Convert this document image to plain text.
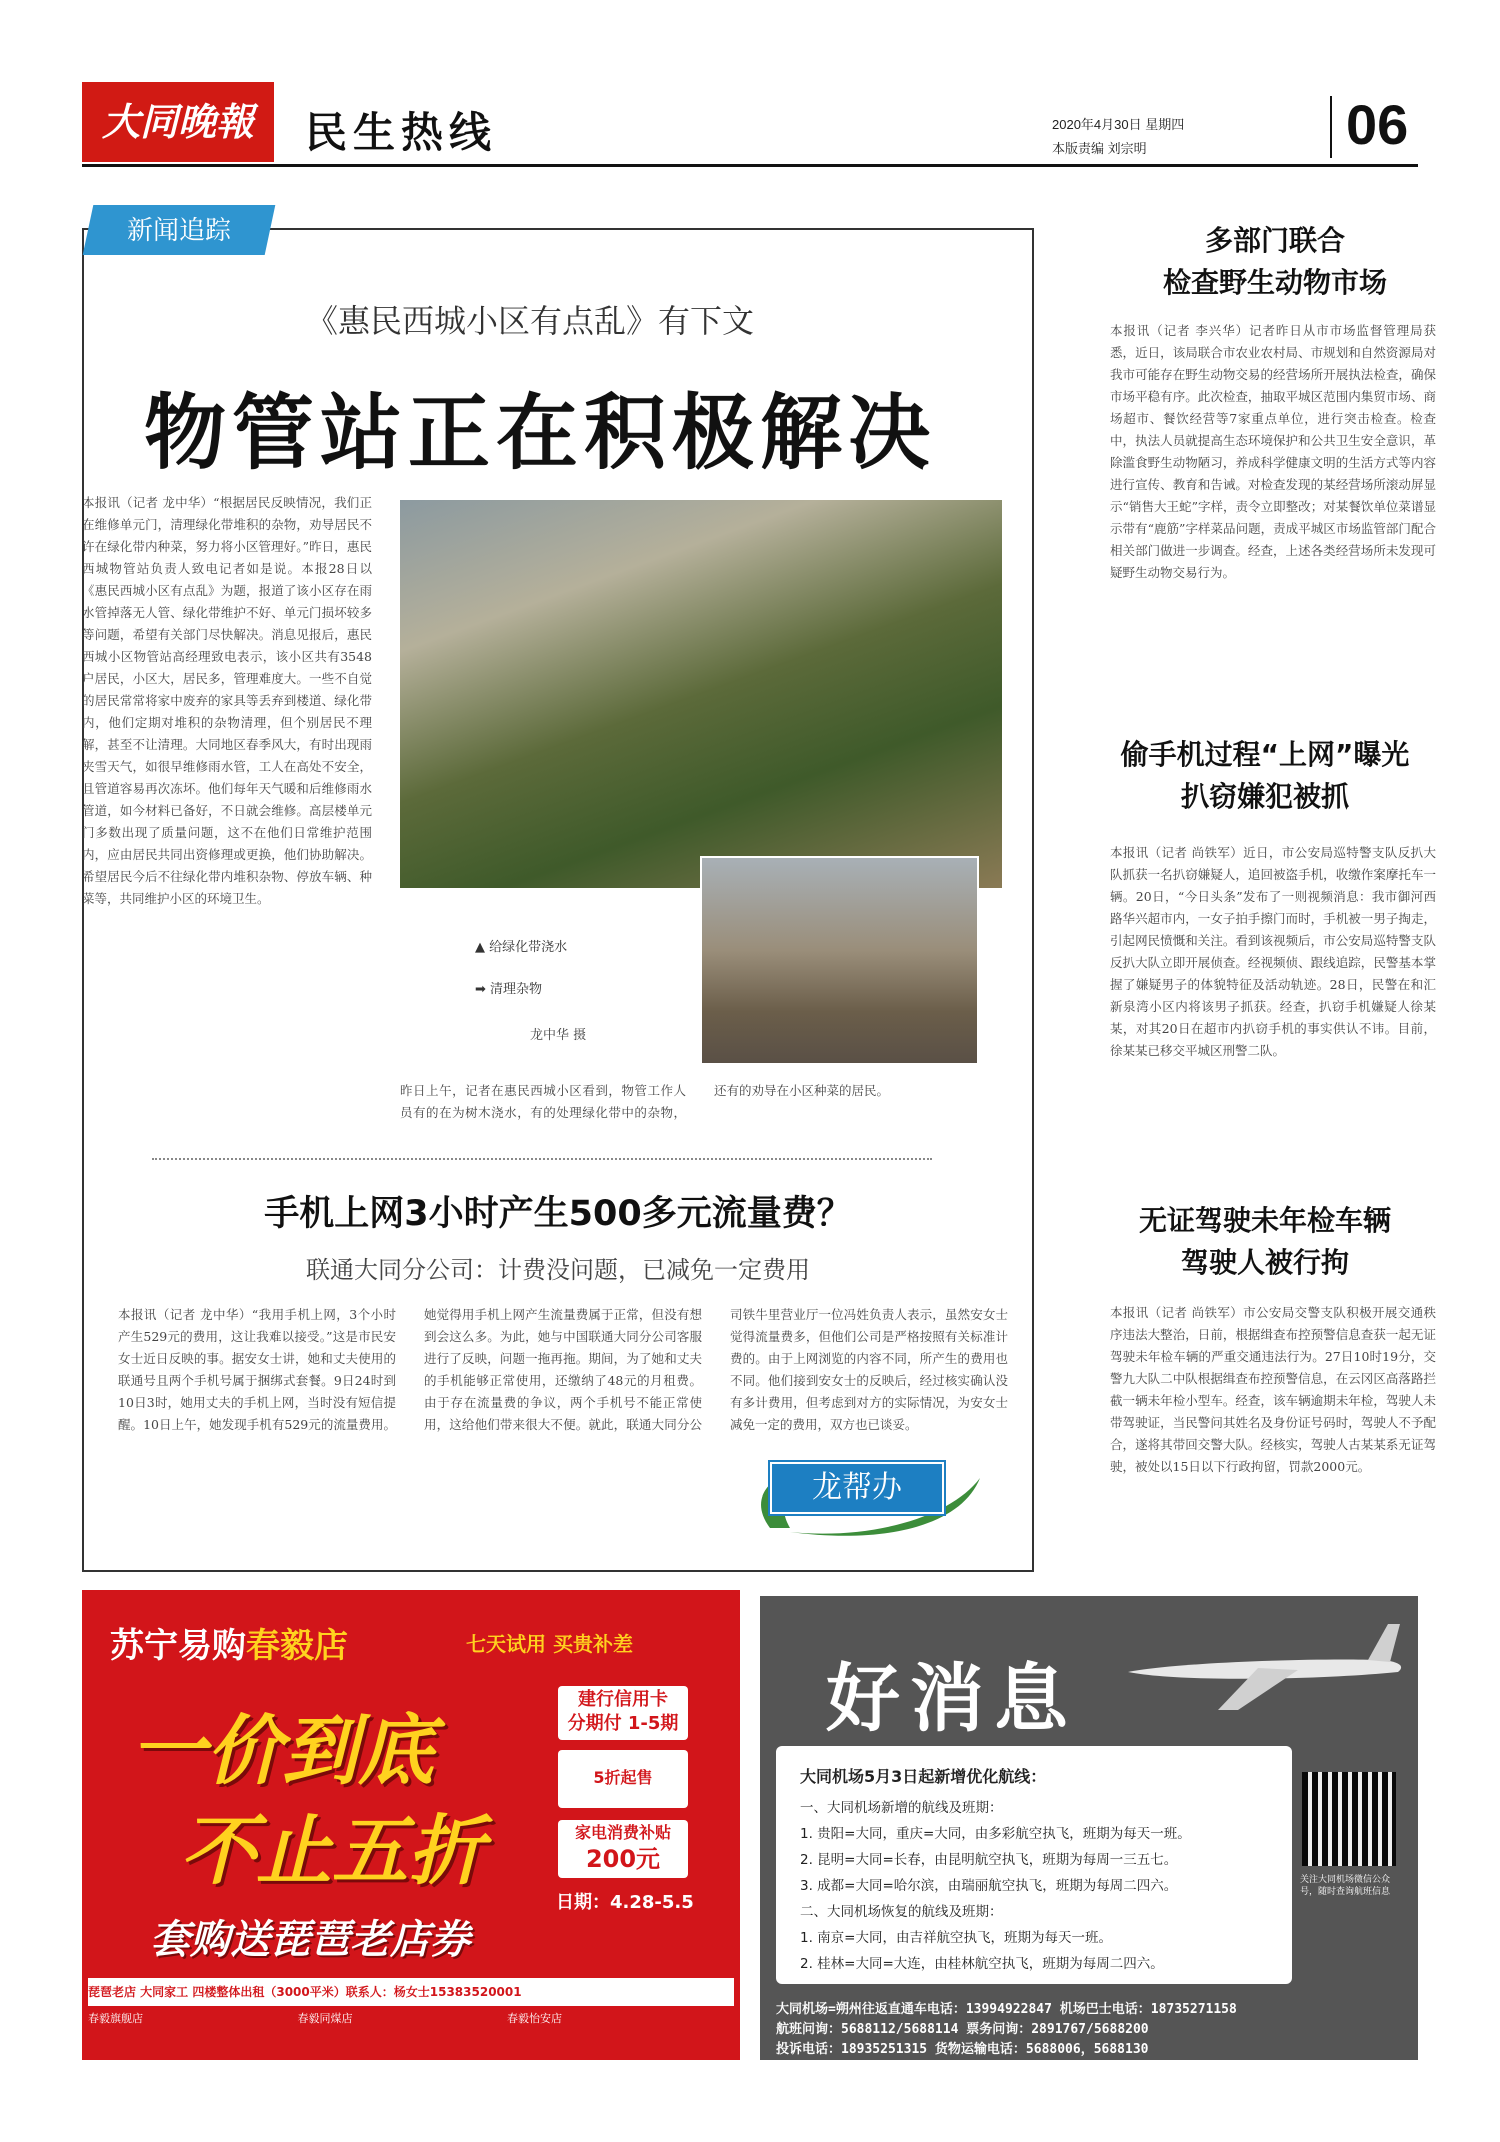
大同晚報	民生热线	2020年4月30日 星期四
本版责编 刘宗明	06
新闻追踪
《惠民西城小区有点乱》有下文
物管站正在积极解决
本报讯（记者 龙中华）“根据居民反映情况，我们正在维修单元门，清理绿化带堆积的杂物，劝导居民不许在绿化带内种菜，努力将小区管理好。”昨日，惠民西城物管站负责人致电记者如是说。本报28日以《惠民西城小区有点乱》为题，报道了该小区存在雨水管掉落无人管、绿化带维护不好、单元门损坏较多等问题，希望有关部门尽快解决。消息见报后，惠民西城小区物管站高经理致电表示，该小区共有3548户居民，小区大，居民多，管理难度大。一些不自觉的居民常常将家中废弃的家具等丢弃到楼道、绿化带内，他们定期对堆积的杂物清理，但个别居民不理解，甚至不让清理。大同地区春季风大，有时出现雨夹雪天气，如很早维修雨水管，工人在高处不安全，且管道容易再次冻坏。他们每年天气暖和后维修雨水管道，如今材料已备好，不日就会维修。高层楼单元门多数出现了质量问题，这不在他们日常维护范围内，应由居民共同出资修理或更换，他们协助解决。希望居民今后不往绿化带内堆积杂物、停放车辆、种菜等，共同维护小区的环境卫生。
▲ 给绿化带浇水
➡ 清理杂物
龙中华 摄
昨日上午，记者在惠民西城小区看到，物管工作人员有的在为树木浇水，有的处理绿化带中的杂物，还有的劝导在小区种菜的居民。
手机上网3小时产生500多元流量费？
联通大同分公司：计费没问题，已减免一定费用
本报讯（记者 龙中华）“我用手机上网，3个小时产生529元的费用，这让我难以接受。”这是市民安女士近日反映的事。据安女士讲，她和丈夫使用的联通号且两个手机号属于捆绑式套餐。9日24时到10日3时，她用丈夫的手机上网，当时没有短信提醒。10日上午，她发现手机有529元的流量费用。她觉得用手机上网产生流量费属于正常，但没有想到会这么多。为此，她与中国联通大同分公司客服进行了反映，问题一拖再拖。期间，为了她和丈夫的手机能够正常使用，还缴纳了48元的月租费。由于存在流量费的争议，两个手机号不能正常使用，这给他们带来很大不便。就此，联通大同分公司铁牛里营业厅一位冯姓负责人表示，虽然安女士觉得流量费多，但他们公司是严格按照有关标准计费的。由于上网浏览的内容不同，所产生的费用也不同。他们接到安女士的反映后，经过核实确认没有多计费用，但考虑到对方的实际情况，为安女士减免一定的费用，双方也已谈妥。
龙帮办
多部门联合
检查野生动物市场
本报讯（记者 李兴华）记者昨日从市市场监督管理局获悉，近日，该局联合市农业农村局、市规划和自然资源局对我市可能存在野生动物交易的经营场所开展执法检查，确保市场平稳有序。此次检查，抽取平城区范围内集贸市场、商场超市、餐饮经营等7家重点单位，进行突击检查。检查中，执法人员就提高生态环境保护和公共卫生安全意识，革除滥食野生动物陋习，养成科学健康文明的生活方式等内容进行宣传、教育和告诫。对检查发现的某经营场所滚动屏显示“销售大王蛇”字样，责令立即整改；对某餐饮单位菜谱显示带有“鹿筋”字样菜品问题，责成平城区市场监管部门配合相关部门做进一步调查。经查，上述各类经营场所未发现可疑野生动物交易行为。
偷手机过程“上网”曝光
扒窃嫌犯被抓
本报讯（记者 尚铁军）近日，市公安局巡特警支队反扒大队抓获一名扒窃嫌疑人，追回被盗手机，收缴作案摩托车一辆。20日，“今日头条”发布了一则视频消息：我市御河西路华兴超市内，一女子拍手擦门而时，手机被一男子掏走，引起网民愤慨和关注。看到该视频后，市公安局巡特警支队反扒大队立即开展侦查。经视频侦、跟线追踪，民警基本掌握了嫌疑男子的体貌特征及活动轨迹。28日，民警在和汇新泉湾小区内将该男子抓获。经查，扒窃手机嫌疑人徐某某，对其20日在超市内扒窃手机的事实供认不讳。目前，徐某某已移交平城区刑警二队。
无证驾驶未年检车辆
驾驶人被行拘
本报讯（记者 尚铁军）市公安局交警支队积极开展交通秩序违法大整治，日前，根据缉查布控预警信息查获一起无证驾驶未年检车辆的严重交通违法行为。27日10时19分，交警九大队二中队根据缉查布控预警信息，在云冈区高落路拦截一辆未年检小型车。经查，该车辆逾期未年检，驾驶人未带驾驶证，当民警问其姓名及身份证号码时，驾驶人不予配合，遂将其带回交警大队。经核实，驾驶人古某某系无证驾驶，被处以15日以下行政拘留，罚款2000元。
苏宁易购春毅店	七天试用 买贵补差
一价到底
不止五折
套购送琵琶老店券
建行信用卡
分期付 1-5期
5折起售
家电消费补贴
200元
日期：4.28-5.5
琵琶老店 大同家工 四楼整体出租（3000平米）联系人：杨女士15383520001
春毅旗舰店	春毅同煤店	春毅怡安店
好消息
大同机场5月3日起新增优化航线：
一、大同机场新增的航线及班期：
1. 贵阳=大同，重庆=大同，由多彩航空执飞，班期为每天一班。
2. 昆明=大同=长春，由昆明航空执飞，班期为每周一三五七。
3. 成都=大同=哈尔滨，由瑞丽航空执飞，班期为每周二四六。
二、大同机场恢复的航线及班期：
1. 南京=大同，由吉祥航空执飞，班期为每天一班。
2. 桂林=大同=大连，由桂林航空执飞，班期为每周二四六。
关注大同机场微信公众号，随时查询航班信息
大同机场=朔州往返直通车电话：13994922847 机场巴士电话：18735271158
航班问询：5688112/5688114 票务问询：2891767/5688200
投诉电话：18935251315 货物运输电话：5688006，5688130
